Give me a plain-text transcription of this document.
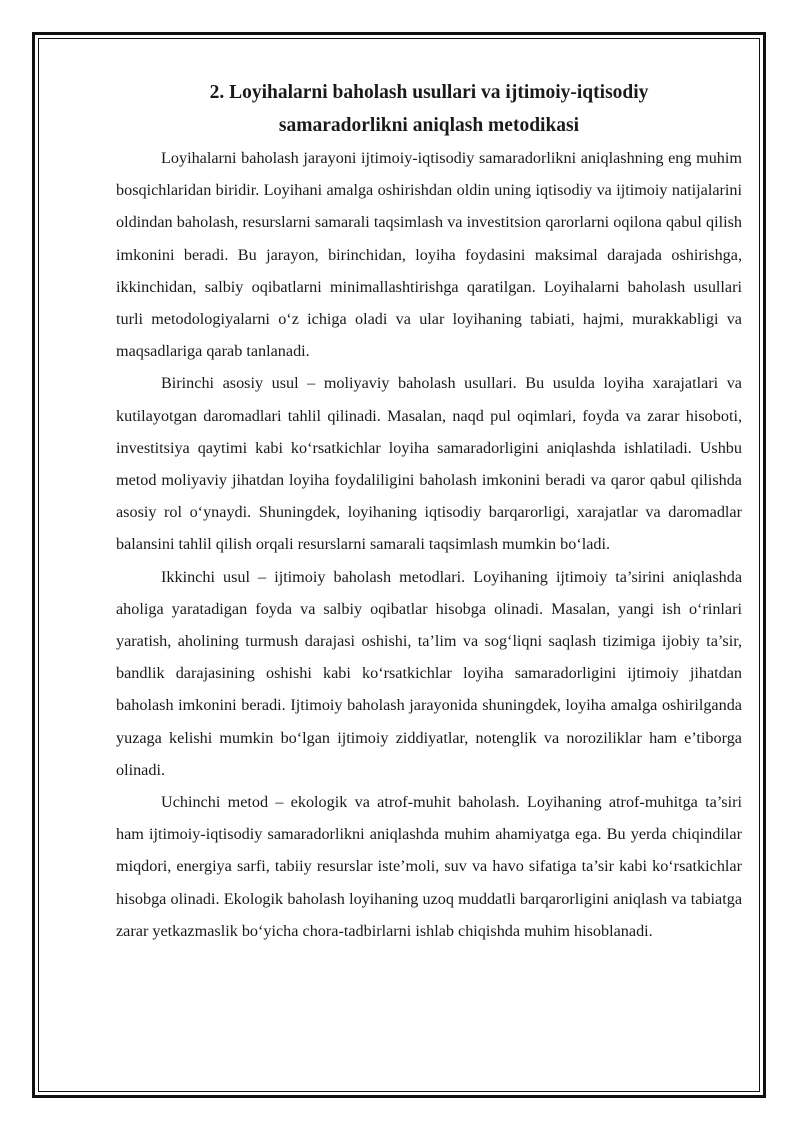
2. Loyihalarni baholash usullari va ijtimoiy-iqtisodiy
samaradorlikni aniqlash metodikasi

Loyihalarni baholash jarayoni ijtimoiy-iqtisodiy samaradorlikni aniqlashning eng muhim bosqichlaridan biridir. Loyihani amalga oshirishdan oldin uning iqtisodiy va ijtimoiy natijalarini oldindan baholash, resurslarni samarali taqsimlash va investitsion qarorlarni oqilona qabul qilish imkonini beradi. Bu jarayon, birinchidan, loyiha foydasini maksimal darajada oshirishga, ikkinchidan, salbiy oqibatlarni minimallashtirishga qaratilgan. Loyihalarni baholash usullari turli metodologiyalarni o‘z ichiga oladi va ular loyihaning tabiati, hajmi, murakkabligi va maqsadlariga qarab tanlanadi.

Birinchi asosiy usul – moliyaviy baholash usullari. Bu usulda loyiha xarajatlari va kutilayotgan daromadlari tahlil qilinadi. Masalan, naqd pul oqimlari, foyda va zarar hisoboti, investitsiya qaytimi kabi ko‘rsatkichlar loyiha samaradorligini aniqlashda ishlatiladi. Ushbu metod moliyaviy jihatdan loyiha foydaliligini baholash imkonini beradi va qaror qabul qilishda asosiy rol o‘ynaydi. Shuningdek, loyihaning iqtisodiy barqarorligi, xarajatlar va daromadlar balansini tahlil qilish orqali resurslarni samarali taqsimlash mumkin bo‘ladi.

Ikkinchi usul – ijtimoiy baholash metodlari. Loyihaning ijtimoiy ta’sirini aniqlashda aholiga yaratadigan foyda va salbiy oqibatlar hisobga olinadi. Masalan, yangi ish o‘rinlari yaratish, aholining turmush darajasi oshishi, ta’lim va sog‘liqni saqlash tizimiga ijobiy ta’sir, bandlik darajasining oshishi kabi ko‘rsatkichlar loyiha samaradorligini ijtimoiy jihatdan baholash imkonini beradi. Ijtimoiy baholash jarayonida shuningdek, loyiha amalga oshirilganda yuzaga kelishi mumkin bo‘lgan ijtimoiy ziddiyatlar, notenglik va noroziliklar ham e’tiborga olinadi.

Uchinchi metod – ekologik va atrof-muhit baholash. Loyihaning atrof-muhitga ta’siri ham ijtimoiy-iqtisodiy samaradorlikni aniqlashda muhim ahamiyatga ega. Bu yerda chiqindilar miqdori, energiya sarfi, tabiiy resurslar iste’moli, suv va havo sifatiga ta’sir kabi ko‘rsatkichlar hisobga olinadi. Ekologik baholash loyihaning uzoq muddatli barqarorligini aniqlash va tabiatga zarar yetkazmaslik bo‘yicha chora-tadbirlarni ishlab chiqishda muhim hisoblanadi.
